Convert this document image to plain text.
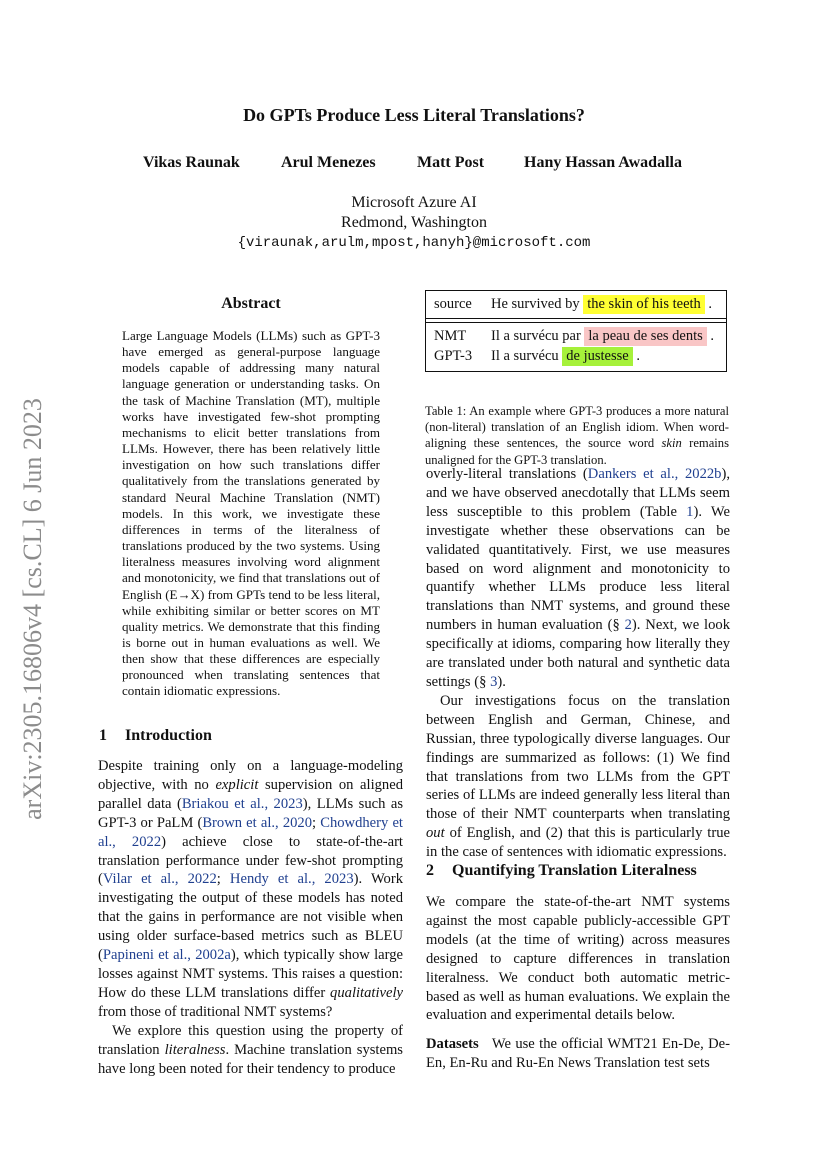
arXiv:2305.16806v4 [cs.CL] 6 Jun 2023
Do GPTs Produce Less Literal Translations?
Vikas Raunak	Arul Menezes	Matt Post Hany Hassan Awadalla
Microsoft Azure AI
Redmond, Washington
{viraunak,arulm,mpost,hanyh}@microsoft.com
Abstract
Large Language Models (LLMs) such as GPT-3 have emerged as general-purpose language models capable of addressing many natural language generation or understanding tasks. On the task of Machine Translation (MT), multiple works have investigated few-shot prompting mechanisms to elicit better translations from LLMs. However, there has been relatively little investigation on how such translations differ qualitatively from the translations generated by standard Neural Machine Translation (NMT) models. In this work, we investigate these differences in terms of the literalness of translations produced by the two systems. Using literalness measures involving word alignment and monotonicity, we find that translations out of English (E→X) from GPTs tend to be less literal, while exhibiting similar or better scores on MT quality metrics. We demonstrate that this finding is borne out in human evaluations as well. We then show that these differences are especially pronounced when translating sentences that contain idiomatic expressions.
1 Introduction

Despite training only on a language-modeling objective, with no explicit supervision on aligned parallel data (Briakou et al., 2023), LLMs such as GPT-3 or PaLM (Brown et al., 2020; Chowdhery et al., 2022) achieve close to state-of-the-art translation performance under few-shot prompting (Vilar et al., 2022; Hendy et al., 2023). Work investigating the output of these models has noted that the gains in performance are not visible when using older surface-based metrics such as BLEU (Papineni et al., 2002a), which typically show large losses against NMT systems. This raises a question: How do these LLM translations differ qualitatively from those of traditional NMT systems?

We explore this question using the property of translation literalness. Machine translation systems have long been noted for their tendency to produce

source He survived by the skin of his teeth .
NMT Il a survécu par la peau de ses dents .
GPT-3 Il a survécu de justesse .
Table 1: An example where GPT-3 produces a more natural (non-literal) translation of an English idiom. When word-aligning these sentences, the source word skin remains unaligned for the GPT-3 translation.

overly-literal translations (Dankers et al., 2022b), and we have observed anecdotally that LLMs seem less susceptible to this problem (Table 1). We investigate whether these observations can be validated quantitatively. First, we use measures based on word alignment and monotonicity to quantify whether LLMs produce less literal translations than NMT systems, and ground these numbers in human evaluation (§ 2). Next, we look specifically at idioms, comparing how literally they are translated under both natural and synthetic data settings (§ 3).

Our investigations focus on the translation between English and German, Chinese, and Russian, three typologically diverse languages. Our findings are summarized as follows: (1) We find that translations from two LLMs from the GPT series of LLMs are indeed generally less literal than those of their NMT counterparts when translating out of English, and (2) that this is particularly true in the case of sentences with idiomatic expressions.

2 Quantifying Translation Literalness

We compare the state-of-the-art NMT systems against the most capable publicly-accessible GPT models (at the time of writing) across measures designed to capture differences in translation literalness. We conduct both automatic metric-based as well as human evaluations. We explain the evaluation and experimental details below.

Datasets We use the official WMT21 En-De, De-En, En-Ru and Ru-En News Translation test sets
